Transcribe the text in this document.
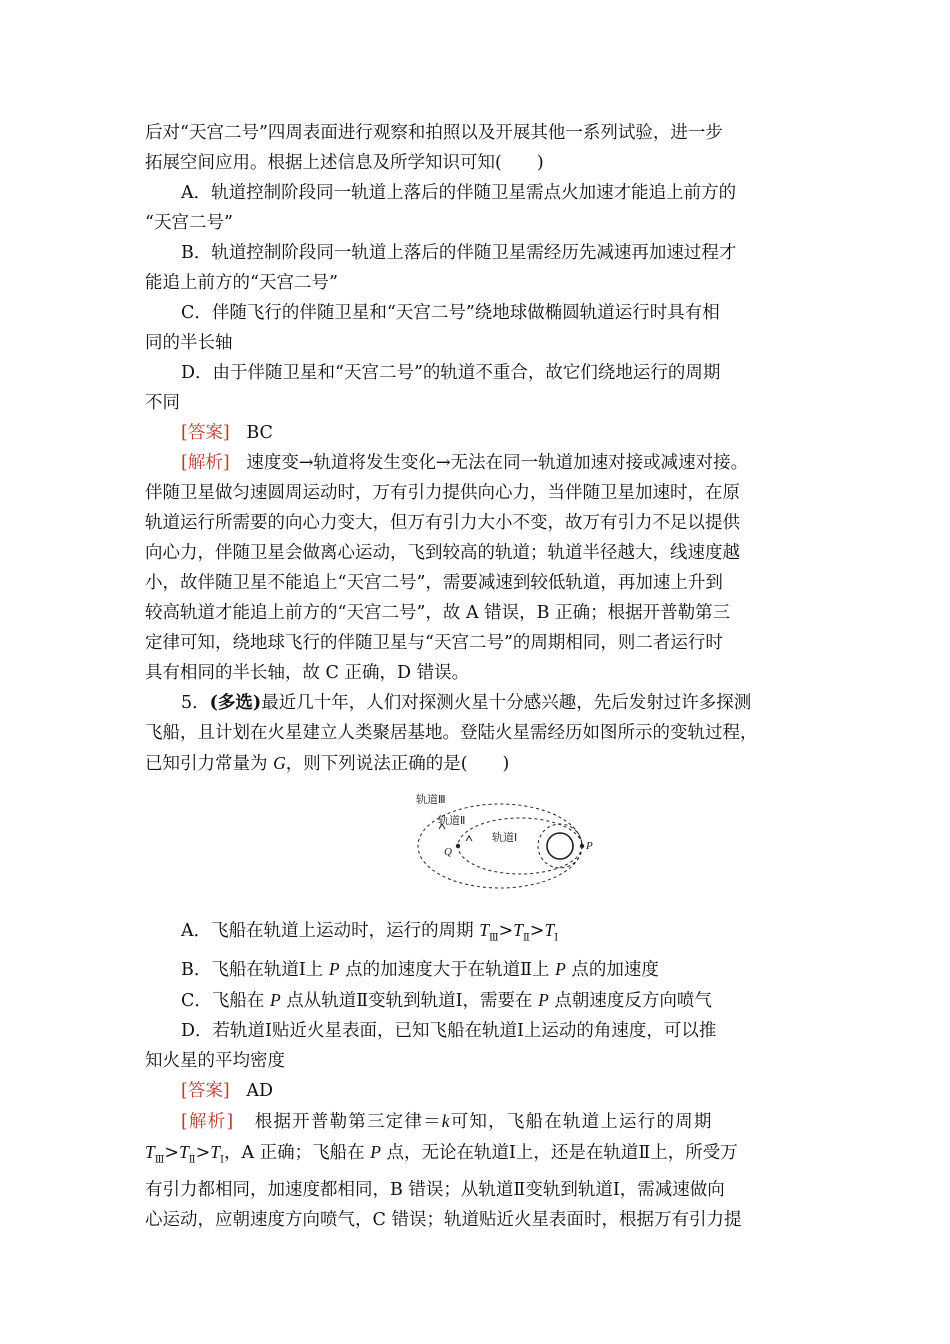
后对“天宫二号”四周表面进行观察和拍照以及开展其他一系列试验，进一步
拓展空间应用。根据上述信息及所学知识可知(　　)

A．轨道控制阶段同一轨道上落后的伴随卫星需点火加速才能追上前方的

“天宫二号”

B．轨道控制阶段同一轨道上落后的伴随卫星需经历先减速再加速过程才

能追上前方的“天宫二号”

C．伴随飞行的伴随卫星和“天宫二号”绕地球做椭圆轨道运行时具有相

同的半长轴

D．由于伴随卫星和“天宫二号”的轨道不重合，故它们绕地运行的周期

不同

[答案] BC

[解析] 速度变→轨道将发生变化→无法在同一轨道加速对接或减速对接。

伴随卫星做匀速圆周运动时，万有引力提供向心力，当伴随卫星加速时，在原
轨道运行所需要的向心力变大，但万有引力大小不变，故万有引力不足以提供
向心力，伴随卫星会做离心运动，飞到较高的轨道；轨道半径越大，线速度越
小，故伴随卫星不能追上“天宫二号”，需要减速到较低轨道，再加速上升到
较高轨道才能追上前方的“天宫二号”，故 A 错误，B 正确；根据开普勒第三
定律可知，绕地球飞行的伴随卫星与“天宫二号”的周期相同，则二者运行时
具有相同的半长轴，故 C 正确，D 错误。

5．(多选)最近几十年，人们对探测火星十分感兴趣，先后发射过许多探测

飞船，且计划在火星建立人类聚居基地。登陆火星需经历如图所示的变轨过程，
已知引力常量为 G，则下列说法正确的是(　　)

轨道Ⅲ
轨道Ⅱ
轨道Ⅰ
Q	P

A．飞船在轨道上运动时，运行的周期 $T_Ⅲ>T_Ⅱ>T_Ⅰ$

B．飞船在轨道Ⅰ上 P 点的加速度大于在轨道Ⅱ上 P 点的加速度

C．飞船在 P 点从轨道Ⅱ变轨到轨道Ⅰ，需要在 P 点朝速度反方向喷气

D．若轨道Ⅰ贴近火星表面，已知飞船在轨道Ⅰ上运动的角速度，可以推

知火星的平均密度

[答案] AD

[解析] 根据开普勒第三定律＝k可知，飞船在轨道上运行的周期

$T_Ⅲ>T_Ⅱ>T_Ⅰ$，A 正确；飞船在 P 点，无论在轨道Ⅰ上，还是在轨道Ⅱ上，所受万
有引力都相同，加速度都相同，B 错误；从轨道Ⅱ变轨到轨道Ⅰ，需减速做向
心运动，应朝速度方向喷气，C 错误；轨道贴近火星表面时，根据万有引力提
